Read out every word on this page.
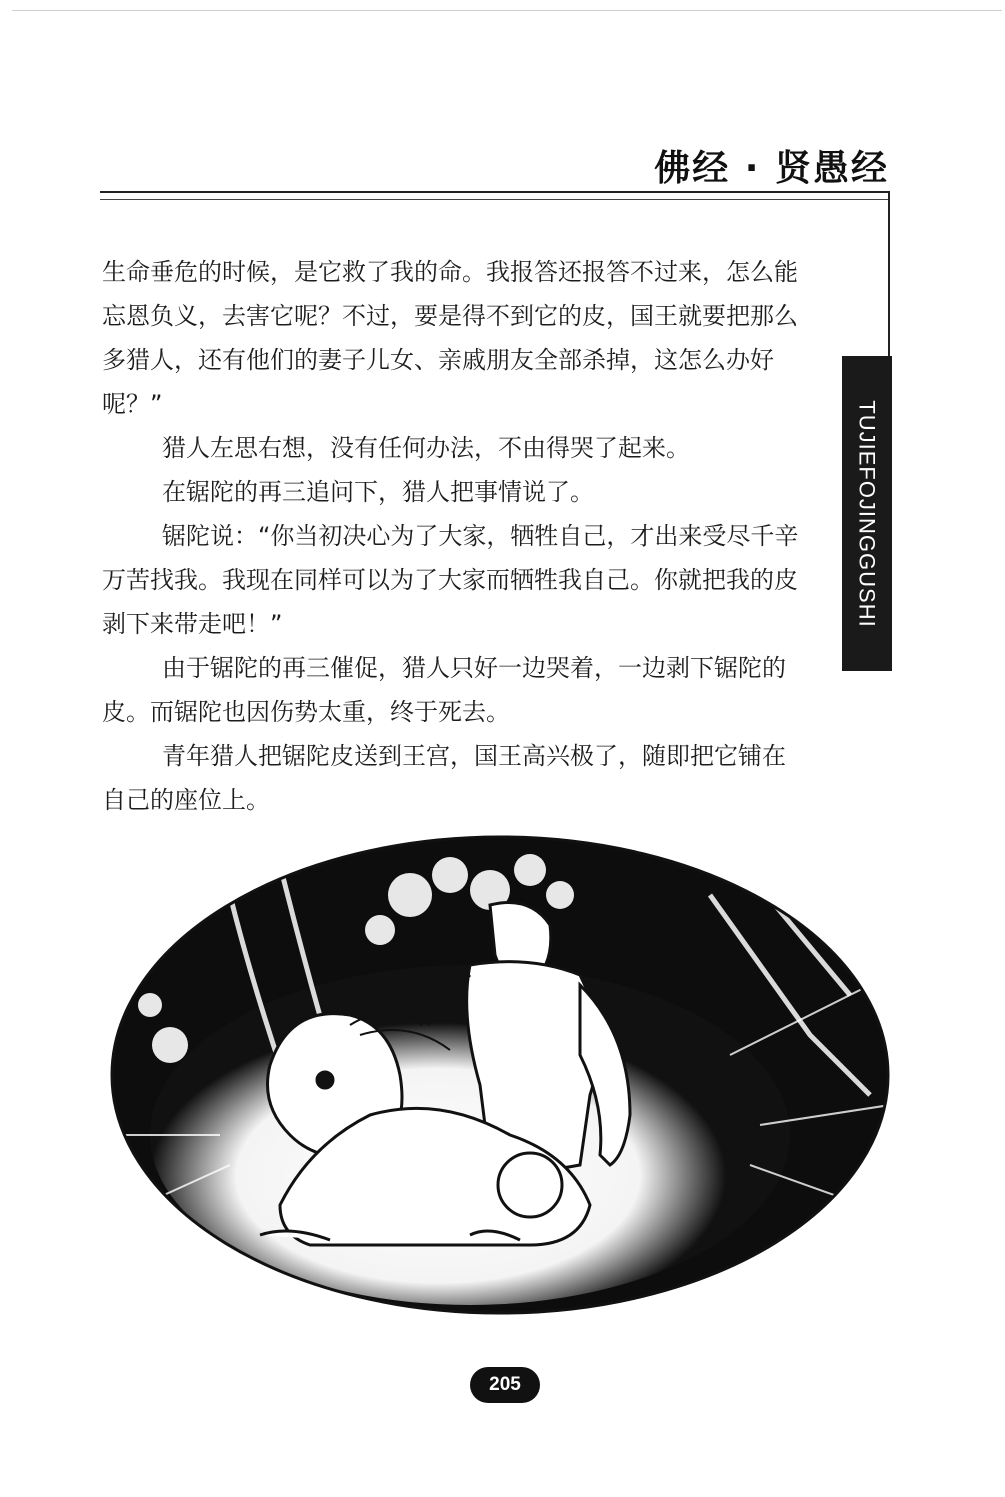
佛经 · 贤愚经
TUJIEFOJINGGUSHI

生命垂危的时候，是它救了我的命。我报答还报答不过来，怎么能忘恩负义，去害它呢？不过，要是得不到它的皮，国王就要把那么多猎人，还有他们的妻子儿女、亲戚朋友全部杀掉，这怎么办好呢？”

猎人左思右想，没有任何办法，不由得哭了起来。

在锯陀的再三追问下，猎人把事情说了。

锯陀说：“你当初决心为了大家，牺牲自己，才出来受尽千辛万苦找我。我现在同样可以为了大家而牺牲我自己。你就把我的皮剥下来带走吧！”

由于锯陀的再三催促，猎人只好一边哭着，一边剥下锯陀的皮。而锯陀也因伤势太重，终于死去。

青年猎人把锯陀皮送到王宫，国王高兴极了，随即把它铺在自己的座位上。

205
